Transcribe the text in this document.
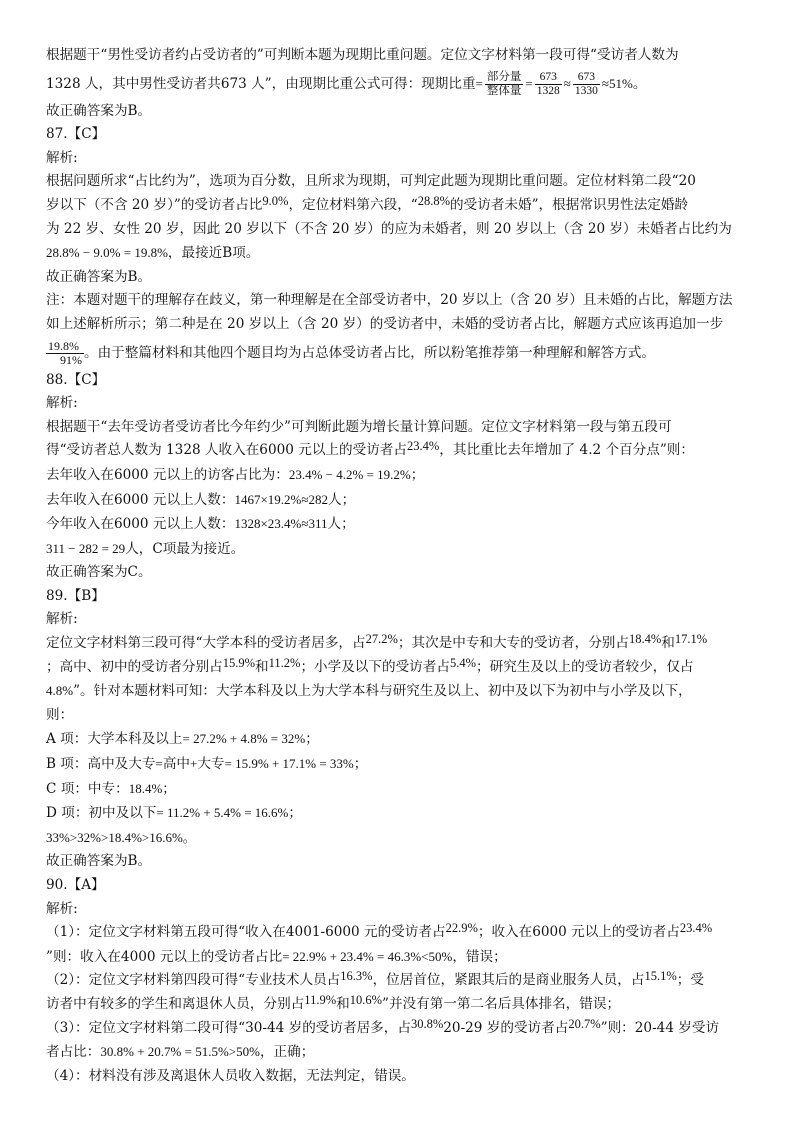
根据题干“男性受访者约占受访者的”可判断本题为现期比重问题。定位文字材料第一段可得“受访者人数为
1328 人，其中男性受访者共673 人”，由现期比重公式可得：现期比重= $\frac{\text{部分量}}{\text{整体量}} = \frac{673}{1328} \approx \frac{673}{1330} \approx 51\%$。
故正确答案为B。
87.【C】
解析:
根据问题所求“占比约为”，选项为百分数，且所求为现期，可判定此题为现期比重问题。定位材料第二段“20
岁以下（不含 20 岁）”的受访者占比9.0%，定位材料第六段，“28.8%的受访者未婚”，根据常识男性法定婚龄
为 22 岁、女性 20 岁，因此 20 岁以下（不含 20 岁）的应为未婚者，则 20 岁以上（含 20 岁）未婚者占比约为
28.8% − 9.0% = 19.8%，最接近B项。
故正确答案为B。
注：本题对题干的理解存在歧义，第一种理解是在全部受访者中，20 岁以上（含 20 岁）且未婚的占比，解题方法
如上述解析所示；第二种是在 20 岁以上（含 20 岁）的受访者中，未婚的受访者占比，解题方式应该再追加一步
$\frac{19.8\%}{91\%}$ 。由于整篇材料和其他四个题目均为占总体受访者占比，所以粉笔推荐第一种理解和解答方式。
88.【C】
解析:
根据题干“去年受访者受访者比今年约少”可判断此题为增长量计算问题。定位文字材料第一段与第五段可
得“受访者总人数为 1328 人收入在6000 元以上的受访者占23.4%，其比重比去年增加了 4.2 个百分点”则：
去年收入在6000 元以上的访客占比为：23.4% − 4.2% = 19.2%；
去年收入在6000 元以上人数：1467×19.2%≈282人；
今年收入在6000 元以上人数：1328×23.4%≈311人；
311 − 282 = 29人，C项最为接近。
故正确答案为C。
89.【B】
解析:
定位文字材料第三段可得“大学本科的受访者居多，占27.2%；其次是中专和大专的受访者，分别占18.4%和17.1%
；高中、初中的受访者分别占15.9%和11.2%；小学及以下的受访者占5.4%；研究生及以上的受访者较少，仅占
4.8%”。针对本题材料可知：大学本科及以上为大学本科与研究生及以上、初中及以下为初中与小学及以下，
则：
A 项：大学本科及以上= 27.2% + 4.8% = 32%；
B 项：高中及大专=高中+大专= 15.9% + 17.1% = 33%；
C 项：中专：18.4%；
D 项：初中及以下= 11.2% + 5.4% = 16.6%；
33%>32%>18.4%>16.6%。
故正确答案为B。
90.【A】
解析:
（1）：定位文字材料第五段可得“收入在4001-6000 元的受访者占22.9%；收入在6000 元以上的受访者占23.4%
”则：收入在4000 元以上的受访者占比= 22.9% + 23.4% = 46.3%<50%，错误；
（2）：定位文字材料第四段可得“专业技术人员占16.3%，位居首位，紧跟其后的是商业服务人员，占15.1%；受
访者中有较多的学生和离退休人员，分别占11.9%和10.6%”并没有第一第二名后具体排名，错误；
（3）：定位文字材料第二段可得“30-44 岁的受访者居多，占30.8%20-29 岁的受访者占20.7%”则：20-44 岁受访
者占比：30.8% + 20.7% = 51.5%>50%，正确；
（4）：材料没有涉及离退休人员收入数据，无法判定，错误。
